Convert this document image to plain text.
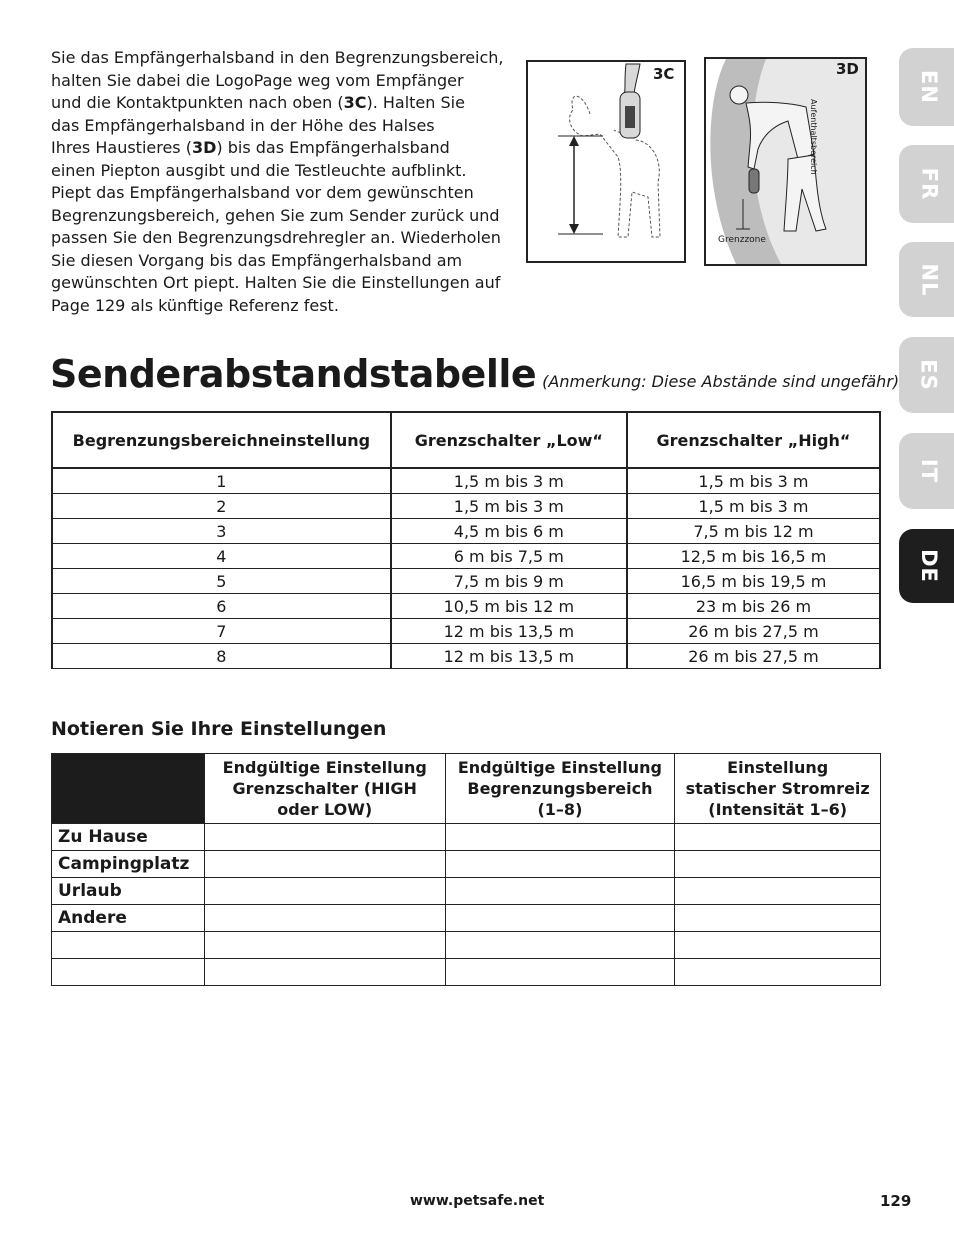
Sie das Empfängerhalsband in den Begrenzungsbereich,
halten Sie dabei die LogoPage weg vom Empfänger
und die Kontaktpunkten nach oben (3C). Halten Sie
das Empfängerhalsband in der Höhe des Halses
Ihres Haustieres (3D) bis das Empfängerhalsband
einen Piepton ausgibt und die Testleuchte aufblinkt.
Piept das Empfängerhalsband vor dem gewünschten
Begrenzungsbereich, gehen Sie zum Sender zurück und
passen Sie den Begrenzungsdrehregler an. Wiederholen
Sie diesen Vorgang bis das Empfängerhalsband am
gewünschten Ort piept. Halten Sie die Einstellungen auf
Page 129 als künftige Referenz fest.

3C	3D
Aufenthaltsbereich
Grenzzone
EN
FR
NL
ES
IT
DE
Senderabstandstabelle (Anmerkung: Diese Abstände sind ungefähr)
Begrenzungsbereichneinstellung	Grenzschalter „Low“	Grenzschalter „High“
1	1,5 m bis 3 m	1,5 m bis 3 m
2	1,5 m bis 3 m	1,5 m bis 3 m
3	4,5 m bis 6 m	7,5 m bis 12 m
4	6 m bis 7,5 m	12,5 m bis 16,5 m
5	7,5 m bis 9 m	16,5 m bis 19,5 m
6	10,5 m bis 12 m	23 m bis 26 m
7	12 m bis 13,5 m	26 m bis 27,5 m
8	12 m bis 13,5 m	26 m bis 27,5 m
Notieren Sie Ihre Einstellungen
	Endgültige Einstellung
Grenzschalter (HIGH
oder LOW)	Endgültige Einstellung
Begrenzungsbereich
(1–8)	Einstellung
statischer Stromreiz
(Intensität 1–6)
Zu Hause			
Campingplatz			
Urlaub			
Andere			

www.petsafe.net	129
